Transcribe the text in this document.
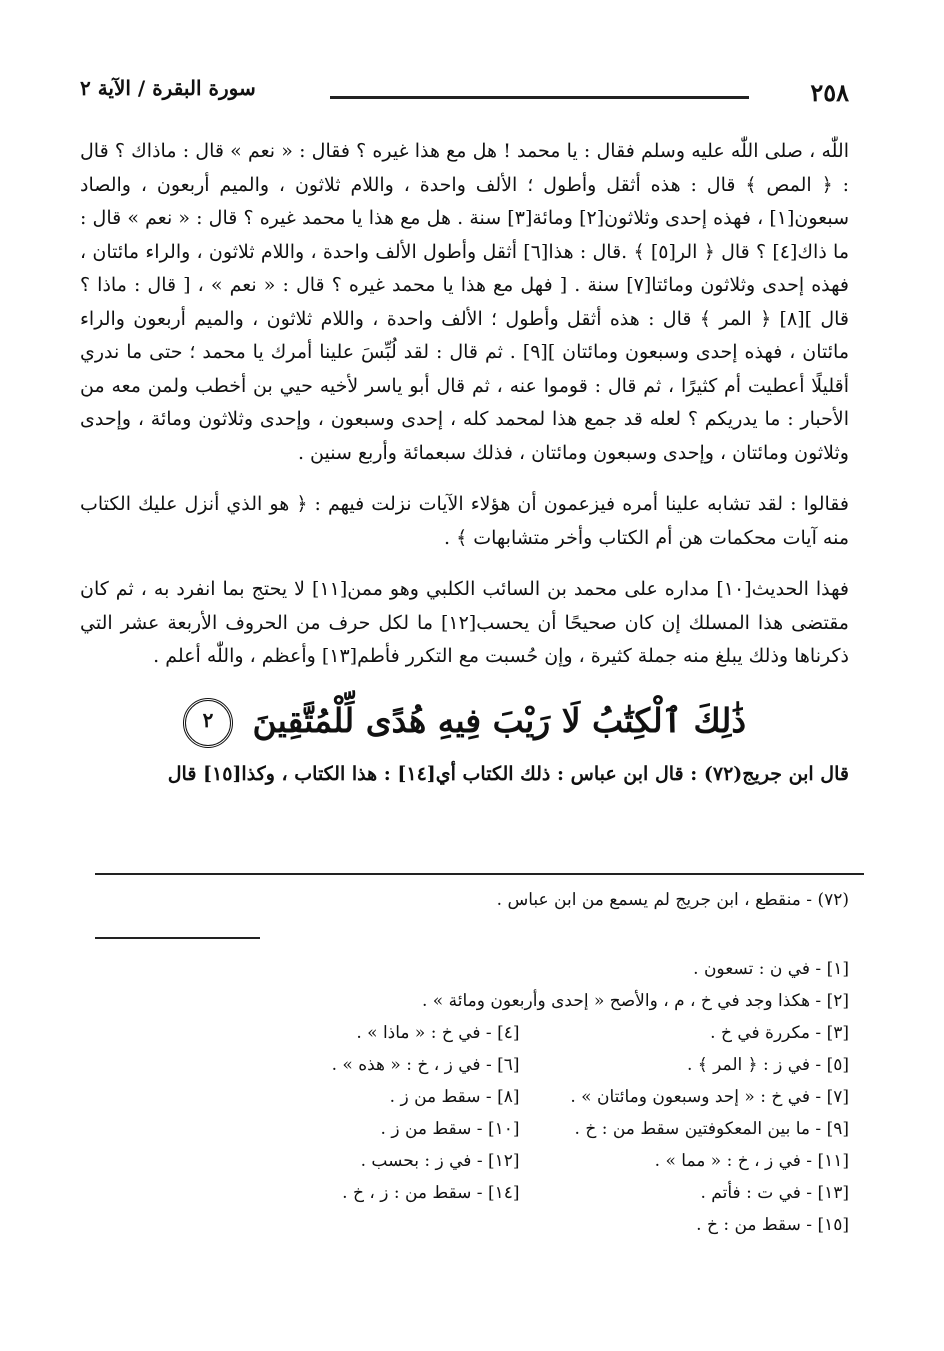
٢٥٨
سورة البقرة / الآية ٢

اللّٰه ، صلى اللّٰه عليه وسلم فقال : يا محمد ! هل مع هذا غيره ؟ فقال : « نعم » قال : ماذاك ؟ قال : ﴿ المص ﴾ قال : هذه أثقل وأطول ؛ الألف واحدة ، واللام ثلاثون ، والميم أربعون ، والصاد سبعون[١] ، فهذه إحدى وثلاثون[٢] ومائة[٣] سنة . هل مع هذا يا محمد غيره ؟ قال : « نعم » قال : ما ذاك[٤] ؟ قال ﴿ الر[٥] ﴾ .قال : هذا[٦] أثقل وأطول الألف واحدة ، واللام ثلاثون ، والراء مائتان ، فهذه إحدى وثلاثون ومائتا[٧] سنة . [ فهل مع هذا يا محمد غيره ؟ قال : « نعم » ، [ قال : ماذا ؟ قال ][٨] ﴿ المر ﴾ قال : هذه أثقل وأطول ؛ الألف واحدة ، واللام ثلاثون ، والميم أربعون والراء مائتان ، فهذه إحدى وسبعون ومائتان ][٩] . ثم قال : لقد لُبِّسَ علينا أمرك يا محمد ؛ حتى ما ندري أقليلًا أعطيت أم كثيرًا ، ثم قال : قوموا عنه ، ثم قال أبو ياسر لأخيه حيي بن أخطب ولمن معه من الأحبار : ما يدريكم ؟ لعله قد جمع هذا لمحمد كله ، إحدى وسبعون ، وإحدى وثلاثون ومائة ، وإحدى وثلاثون ومائتان ، وإحدى وسبعون ومائتان ، فذلك سبعمائة وأربع سنين .

فقالوا : لقد تشابه علينا أمره فيزعمون أن هؤلاء الآيات نزلت فيهم : ﴿ هو الذي أنزل عليك الكتاب منه آيات محكمات هن أم الكتاب وأخر متشابهات ﴾ .

فهذا الحديث[١٠] مداره على محمد بن السائب الكلبي وهو ممن[١١] لا يحتج بما انفرد به ، ثم كان مقتضى هذا المسلك إن كان صحيحًا أن يحسب[١٢] ما لكل حرف من الحروف الأربعة عشر التي ذكرناها وذلك يبلغ منه جملة كثيرة ، وإن حُسبت مع التكرر فأطم[١٣] وأعظم ، واللّٰه أعلم .

ذَٰلِكَ ٱلْكِتَٰبُ لَا رَيْبَ فِيهِ هُدًى لِّلْمُتَّقِينَ ٢

قال ابن جريج(٧٢) : قال ابن عباس : ذلك الكتاب أي[١٤] : هذا الكتاب ، وكذا[١٥] قال

(٧٢) - منقطع ، ابن جريج لم يسمع من ابن عباس .
[١] - في ن : تسعون .
[٢] - هكذا وجد في خ ، م ، والأصح « إحدى وأربعون ومائة » .
[٣] - مكررة في خ .
[٤] - في خ : « ماذا » .
[٥] - في ز : ﴿ المر ﴾ .
[٦] - في ز ، خ : « هذه » .
[٧] - في خ : « إحد وسبعون ومائتان » .
[٨] - سقط من ز .
[٩] - ما بين المعكوفتين سقط من : خ .
[١٠] - سقط من ز .
[١١] - في ز ، خ : « مما » .
[١٢] - في ز : بحسب .
[١٣] - في ت : فأتم .
[١٤] - سقط من : ز ، خ .
[١٥] - سقط من : خ .
